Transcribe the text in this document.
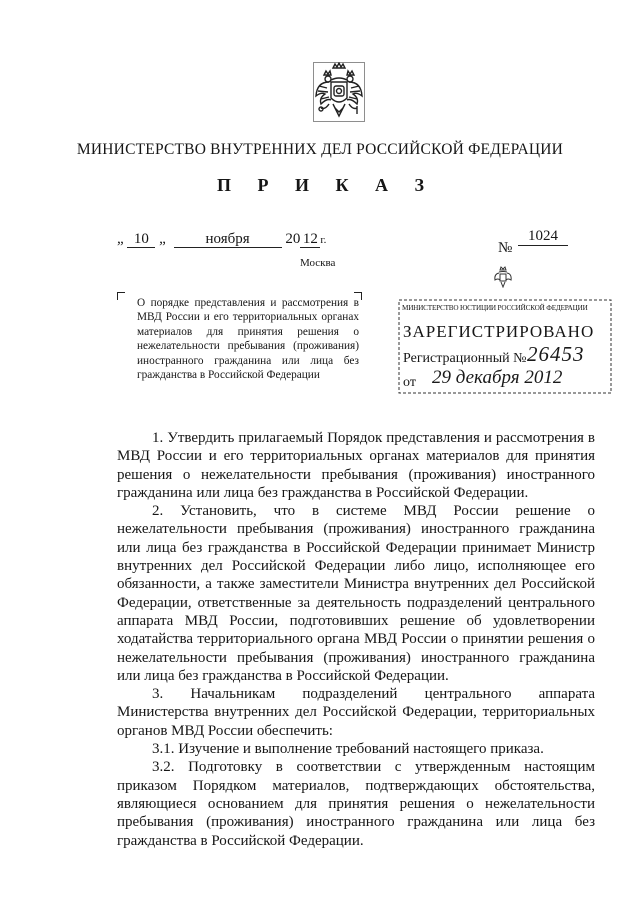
МИНИСТЕРСТВО ВНУТРЕННИХ ДЕЛ РОССИЙСКОЙ ФЕДЕРАЦИИ
П Р И К А З
„ 10 „	ноября 20 12 г.	№
1024
Москва
О порядке представления и рассмотрения в МВД России и его территориальных органах материалов для принятия решения о нежелательности пребывания (проживания) иностранного гражданина или лица без гражданства в Российской Федерации
МИНИСТЕРСТВО ЮСТИЦИИ РОССИЙСКОЙ ФЕДЕРАЦИИ
ЗАРЕГИСТРИРОВАНО
Регистрационный № 26453
от 29 декабря 2012

1. Утвердить прилагаемый Порядок представления и рассмотрения в МВД России и его территориальных органах материалов для принятия решения о нежелательности пребывания (проживания) иностранного гражданина или лица без гражданства в Российской Федерации.

2. Установить, что в системе МВД России решение о нежелательности пребывания (проживания) иностранного гражданина или лица без гражданства в Российской Федерации принимает Министр внутренних дел Российской Федерации либо лицо, исполняющее его обязанности, а также заместители Министра внутренних дел Российской Федерации, ответственные за деятельность подразделений центрального аппарата МВД России, подготовивших решение об удовлетворении ходатайства территориального органа МВД России о принятии решения о нежелательности пребывания (проживания) иностранного гражданина или лица без гражданства в Российской Федерации.

3. Начальникам подразделений центрального аппарата Министерства внутренних дел Российской Федерации, территориальных органов МВД России обеспечить:

3.1. Изучение и выполнение требований настоящего приказа.

3.2. Подготовку в соответствии с утвержденным настоящим приказом Порядком материалов, подтверждающих обстоятельства, являющиеся основанием для принятия решения о нежелательности пребывания (проживания) иностранного гражданина или лица без гражданства в Российской Федерации.
